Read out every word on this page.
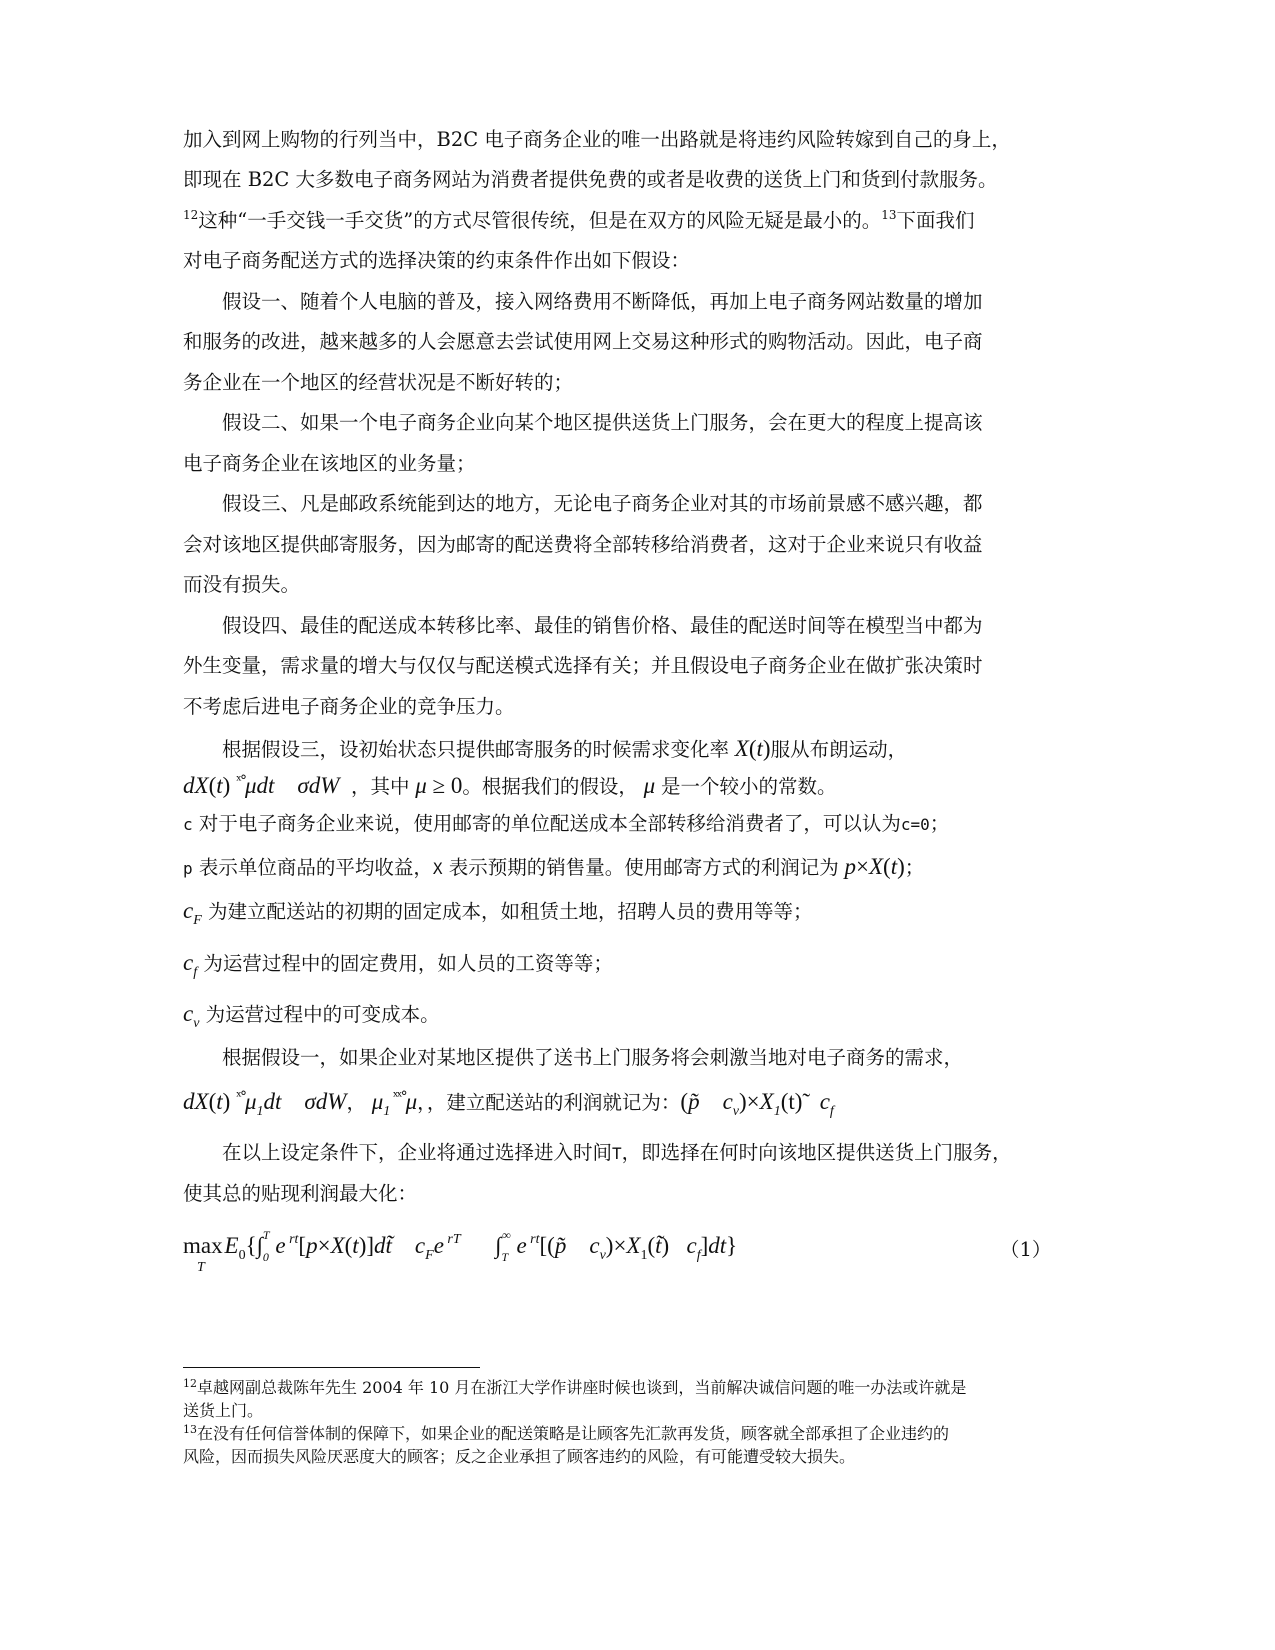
加入到网上购物的行列当中，B2C 电子商务企业的唯一出路就是将违约风险转嫁到自己的身上，
即现在 B2C 大多数电子商务网站为消费者提供免费的或者是收费的送货上门和货到付款服务。
$^{12}$这种“一手交钱一手交货”的方式尽管很传统，但是在双方的风险无疑是最小的。$^{13}$下面我们
对电子商务配送方式的选择决策的约束条件作出如下假设：
假设一、随着个人电脑的普及，接入网络费用不断降低，再加上电子商务网站数量的增加
和服务的改进，越来越多的人会愿意去尝试使用网上交易这种形式的购物活动。因此，电子商
务企业在一个地区的经营状况是不断好转的；
假设二、如果一个电子商务企业向某个地区提供送货上门服务，会在更大的程度上提高该
电子商务企业在该地区的业务量；
假设三、凡是邮政系统能到达的地方，无论电子商务企业对其的市场前景感不感兴趣，都
会对该地区提供邮寄服务，因为邮寄的配送费将全部转移给消费者，这对于企业来说只有收益
而没有损失。
假设四、最佳的配送成本转移比率、最佳的销售价格、最佳的配送时间等在模型当中都为
外生变量，需求量的增大与仅仅与配送模式选择有关；并且假设电子商务企业在做扩张决策时
不考虑后进电子商务企业的竞争压力。
根据假设三，设初始状态只提供邮寄服务的时候需求变化率 X(t)服从布朗运动，
dX(t) $^{ˣ^\circ}$μdt σdW ，其中 μ ≥ 0。根据我们的假设， μ 是一个较小的常数。
c 对于电子商务企业来说，使用邮寄的单位配送成本全部转移给消费者了，可以认为c=0；
p 表示单位商品的平均收益，X 表示预期的销售量。使用邮寄方式的利润记为 p×X(t)；
$c_F$ 为建立配送站的初期的固定成本，如租赁土地，招聘人员的费用等等；
$c_f$ 为运营过程中的固定费用，如人员的工资等等；
$c_v$ 为运营过程中的可变成本。
根据假设一，如果企业对某地区提供了送书上门服务将会刺激当地对电子商务的需求，
dX(t) $^{ˣ^\circ}\mu_1dt$ σdW， $\mu_1$ $^{ˣˣ^\circ}$μ，，建立配送站的利润就记为：(p̃ $c_v)\times X_1(t)̃$   $c_f$
在以上设定条件下，企业将通过选择进入时间T，即选择在何时向该地区提供送货上门服务，
使其总的贴现利润最大化：
max
T
$E_0\{\int_0^T$ e $^{rt}$[p×X(t)]dt̃ $c_Fe$ $^{rT}$      $\int_T^\infty$ e $^{rt}$[(p̃ $c_v)\times X_1(t̃)$   $c_f]dt$}	（1）
$^{12}$卓越网副总裁陈年先生 2004 年 10 月在浙江大学作讲座时候也谈到，当前解决诚信问题的唯一办法或许就是
送货上门。
$^{13}$在没有任何信誉体制的保障下，如果企业的配送策略是让顾客先汇款再发货，顾客就全部承担了企业违约的
风险，因而损失风险厌恶度大的顾客；反之企业承担了顾客违约的风险，有可能遭受较大损失。
